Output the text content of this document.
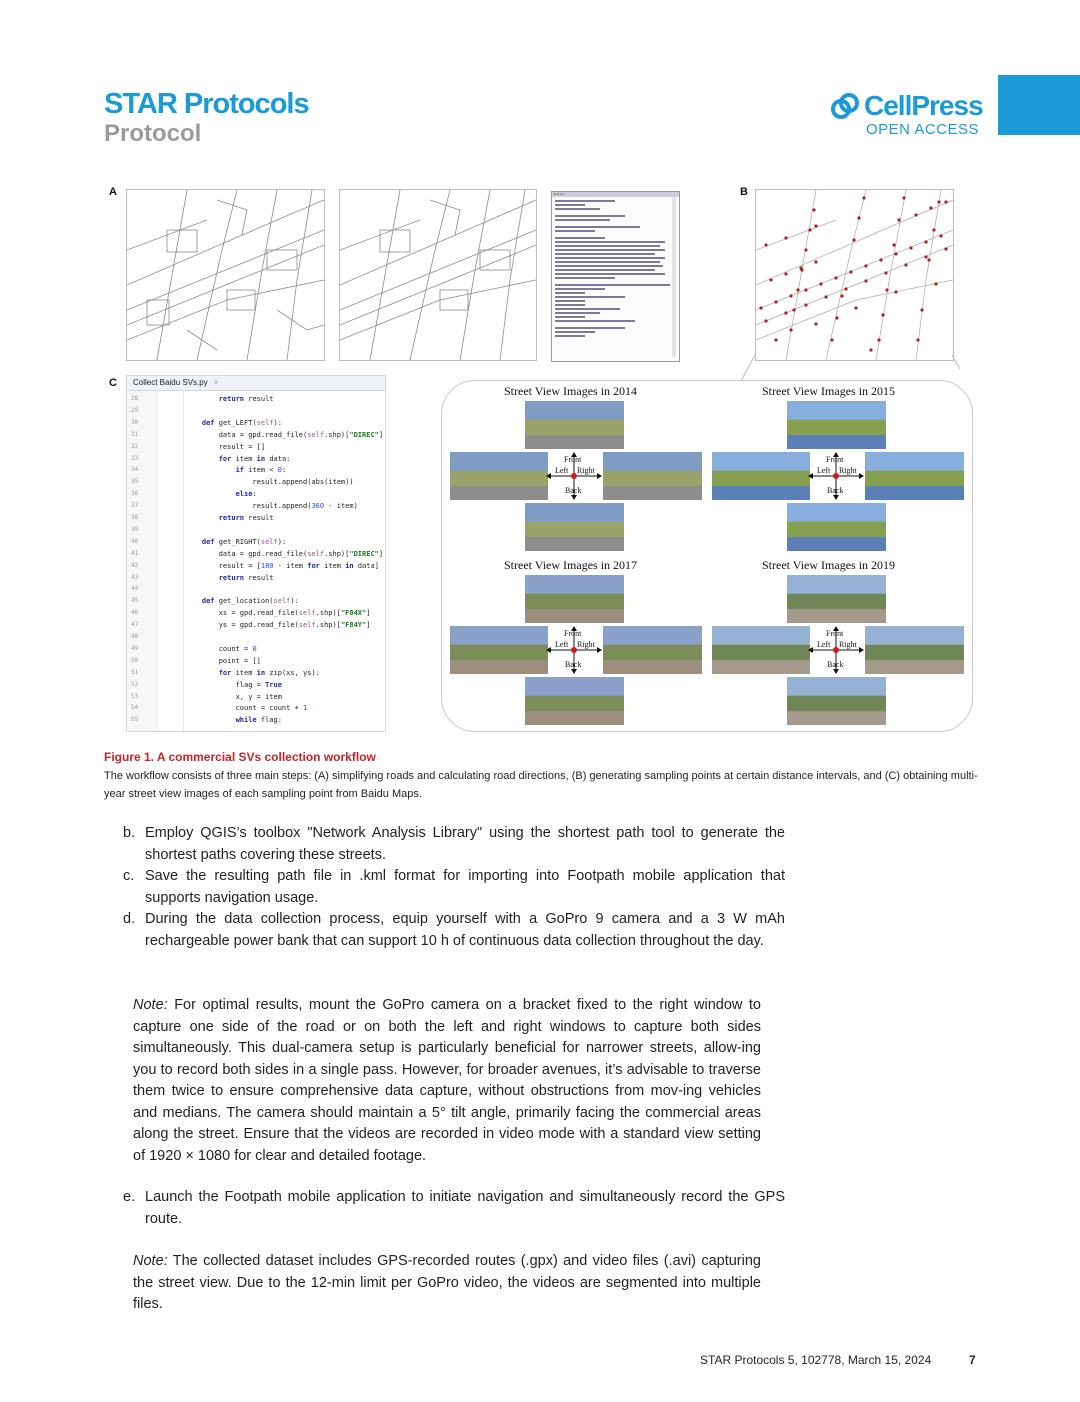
STAR Protocols
Protocol
CellPress
OPEN ACCESS
A	B
C
Editor
Collect Baidu SVs.py ×
28	return result
29
30	def get_LEFT(self):
31	data = gpd.read_file(self.shp)["DIREC"]
32	result = []
33	for item in data:
34	if item < 0:
35	result.append(abs(item))
36	else:
37	result.append(360 - item)
38	return result
39
40	def get_RIGHT(self):
41	data = gpd.read_file(self.shp)["DIREC"]
42	result = [180 - item for item in data]
43	return result
44
45	def get_location(self):
46	xs = gpd.read_file(self.shp)["F84X"]
47	ys = gpd.read_file(self.shp)["F84Y"]
48
49	count = 0
50	point = []
51	for item in zip(xs, ys):
52	flag = True
53	x, y = item
54	count = count + 1
55	while flag:
Street View Images in 2014
Front
Back
Left Right
Street View Images in 2015
Front
Back
Left Right
Street View Images in 2017
Front
Back
Left Right
Street View Images in 2019
Front
Back
Left Right
Figure 1. A commercial SVs collection workflow
The workflow consists of three main steps: (A) simplifying roads and calculating road directions, (B) generating sampling points at certain distance intervals, and (C) obtaining multi-year street view images of each sampling point from Baidu Maps.
b. Employ QGIS’s toolbox "Network Analysis Library" using the shortest path tool to generate the shortest paths covering these streets.
c. Save the resulting path file in .kml format for importing into Footpath mobile application that supports navigation usage.
d. During the data collection process, equip yourself with a GoPro 9 camera and a 3 W mAh rechargeable power bank that can support 10 h of continuous data collection throughout the day.
Note: For optimal results, mount the GoPro camera on a bracket fixed to the right window to capture one side of the road or on both the left and right windows to capture both sides simultaneously. This dual-camera setup is particularly beneficial for narrower streets, allow-ing you to record both sides in a single pass. However, for broader avenues, it’s advisable to traverse them twice to ensure comprehensive data capture, without obstructions from mov-ing vehicles and medians. The camera should maintain a 5° tilt angle, primarily facing the commercial areas along the street. Ensure that the videos are recorded in video mode with a standard view setting of 1920 × 1080 for clear and detailed footage.
e. Launch the Footpath mobile application to initiate navigation and simultaneously record the GPS route.
Note: The collected dataset includes GPS-recorded routes (.gpx) and video files (.avi) capturing the street view. Due to the 12-min limit per GoPro video, the videos are segmented into multiple files.
STAR Protocols 5, 102778, March 15, 2024	7
